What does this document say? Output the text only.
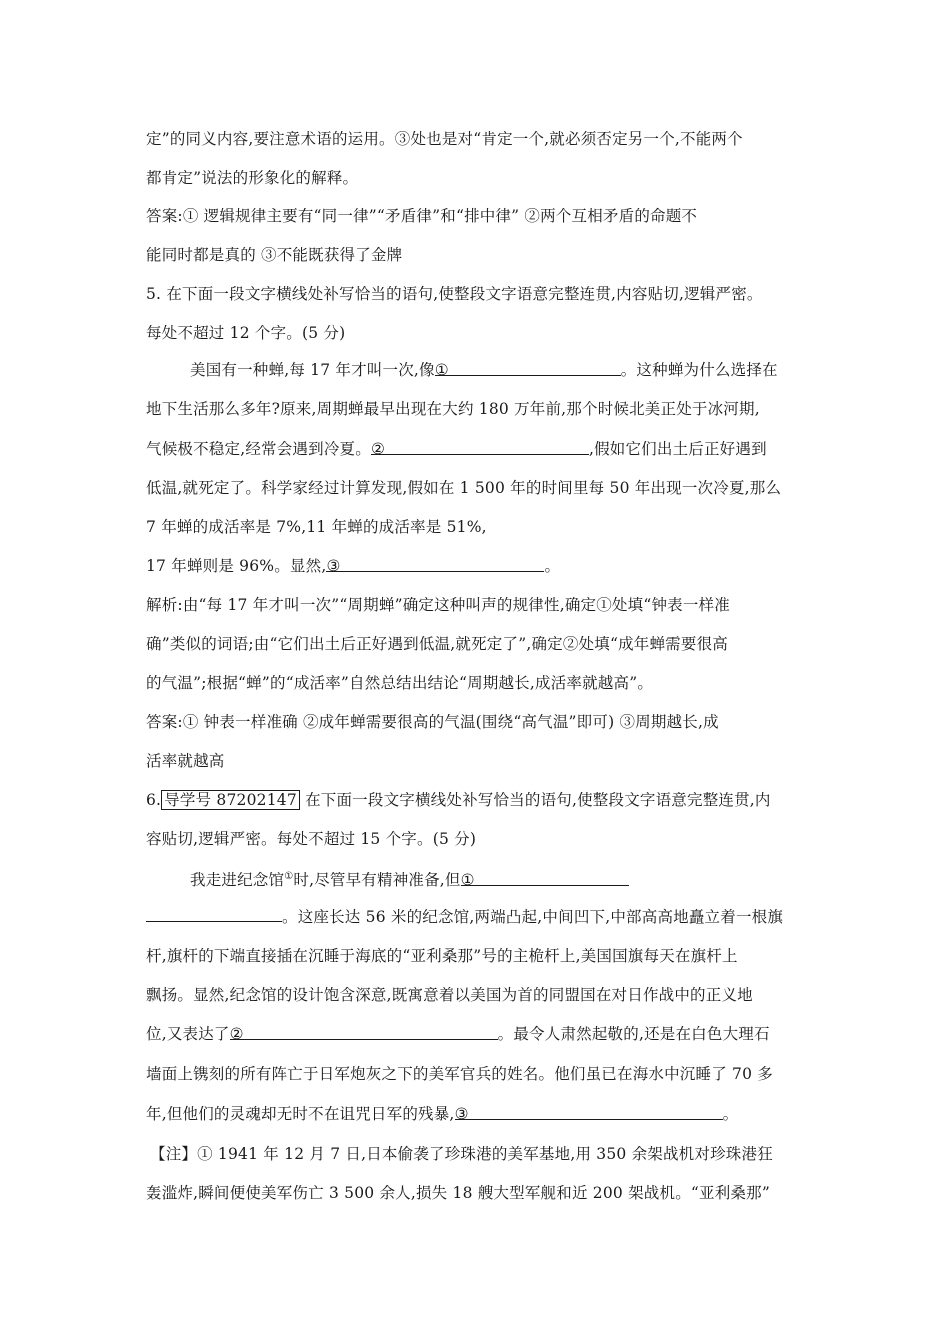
定”的同义内容,要注意术语的运用。③处也是对“肯定一个,就必须否定另一个,不能两个
都肯定”说法的形象化的解释。
答案:① 逻辑规律主要有“同一律”“矛盾律”和“排中律” ②两个互相矛盾的命题不
能同时都是真的 ③不能既获得了金牌
5. 在下面一段文字横线处补写恰当的语句,使整段文字语意完整连贯,内容贴切,逻辑严密。
每处不超过 12 个字。(5 分)
美国有一种蝉,每 17 年才叫一次,像①	。这种蝉为什么选择在
地下生活那么多年?原来,周期蝉最早出现在大约 180 万年前,那个时候北美正处于冰河期,
气候极不稳定,经常会遇到冷夏。②	,假如它们出土后正好遇到
低温,就死定了。科学家经过计算发现,假如在 1 500 年的时间里每 50 年出现一次冷夏,那么
7 年蝉的成活率是 7%,11 年蝉的成活率是 51%,
17 年蝉则是 96%。显然,③	。
解析:由“每 17 年才叫一次”“周期蝉”确定这种叫声的规律性,确定①处填“钟表一样准
确”类似的词语;由“它们出土后正好遇到低温,就死定了”,确定②处填“成年蝉需要很高
的气温”;根据“蝉”的“成活率”自然总结出结论“周期越长,成活率就越高”。
答案:① 钟表一样准确 ②成年蝉需要很高的气温(围绕“高气温”即可) ③周期越长,成
活率就越高
6. 导学号 87202147 在下面一段文字横线处补写恰当的语句,使整段文字语意完整连贯,内
容贴切,逻辑严密。每处不超过 15 个字。(5 分)
我走进纪念馆①时,尽管早有精神准备,但①
。这座长达 56 米的纪念馆,两端凸起,中间凹下,中部高高地矗立着一根旗
杆,旗杆的下端直接插在沉睡于海底的“亚利桑那”号的主桅杆上,美国国旗每天在旗杆上
飘扬。显然,纪念馆的设计饱含深意,既寓意着以美国为首的同盟国在对日作战中的正义地
位,又表达了②	。最令人肃然起敬的,还是在白色大理石
墙面上镌刻的所有阵亡于日军炮灰之下的美军官兵的姓名。他们虽已在海水中沉睡了 70 多
年,但他们的灵魂却无时不在诅咒日军的残暴,③	。
【注】① 1941 年 12 月 7 日,日本偷袭了珍珠港的美军基地,用 350 余架战机对珍珠港狂
轰滥炸,瞬间便使美军伤亡 3 500 余人,损失 18 艘大型军舰和近 200 架战机。“亚利桑那”
